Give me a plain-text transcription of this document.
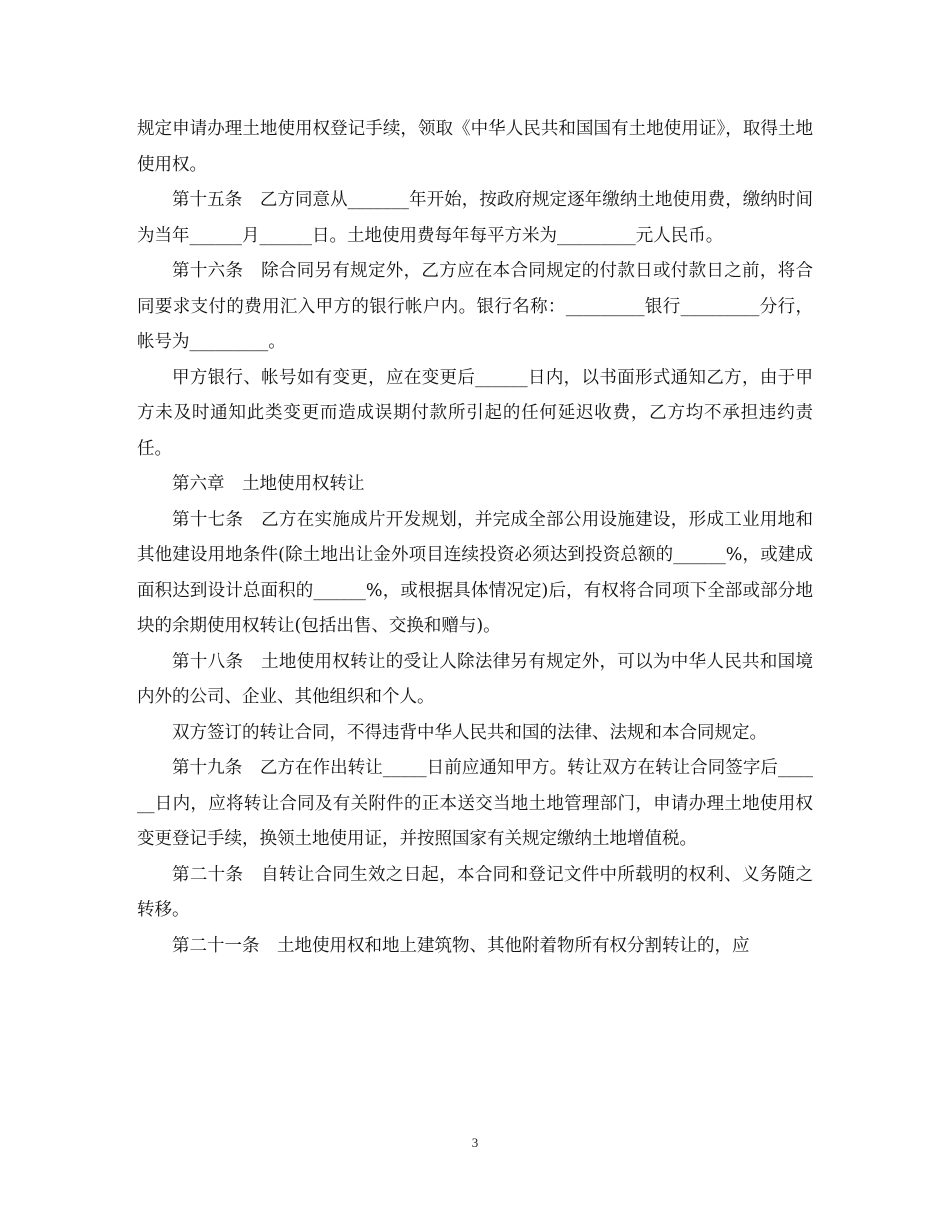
规定申请办理土地使用权登记手续，领取《中华人民共和国国有土地使用证》，取得土地使用权。

第十五条　乙方同意从_______年开始，按政府规定逐年缴纳土地使用费，缴纳时间为当年______月______日。土地使用费每年每平方米为_________元人民币。

第十六条　除合同另有规定外，乙方应在本合同规定的付款日或付款日之前，将合同要求支付的费用汇入甲方的银行帐户内。银行名称：_________银行_________分行，帐号为_________。

甲方银行、帐号如有变更，应在变更后______日内，以书面形式通知乙方，由于甲方未及时通知此类变更而造成误期付款所引起的任何延迟收费，乙方均不承担违约责任。

第六章　土地使用权转让

第十七条　乙方在实施成片开发规划，并完成全部公用设施建设，形成工业用地和其他建设用地条件(除土地出让金外项目连续投资必须达到投资总额的______%，或建成面积达到设计总面积的______%，或根据具体情况定)后，有权将合同项下全部或部分地块的余期使用权转让(包括出售、交换和赠与)。

第十八条　土地使用权转让的受让人除法律另有规定外，可以为中华人民共和国境内外的公司、企业、其他组织和个人。

双方签订的转让合同，不得违背中华人民共和国的法律、法规和本合同规定。

第十九条　乙方在作出转让_____日前应通知甲方。转让双方在转让合同签字后______日内，应将转让合同及有关附件的正本送交当地土地管理部门，申请办理土地使用权变更登记手续，换领土地使用证，并按照国家有关规定缴纳土地增值税。

第二十条　自转让合同生效之日起，本合同和登记文件中所载明的权利、义务随之转移。

第二十一条　土地使用权和地上建筑物、其他附着物所有权分割转让的，应

3
